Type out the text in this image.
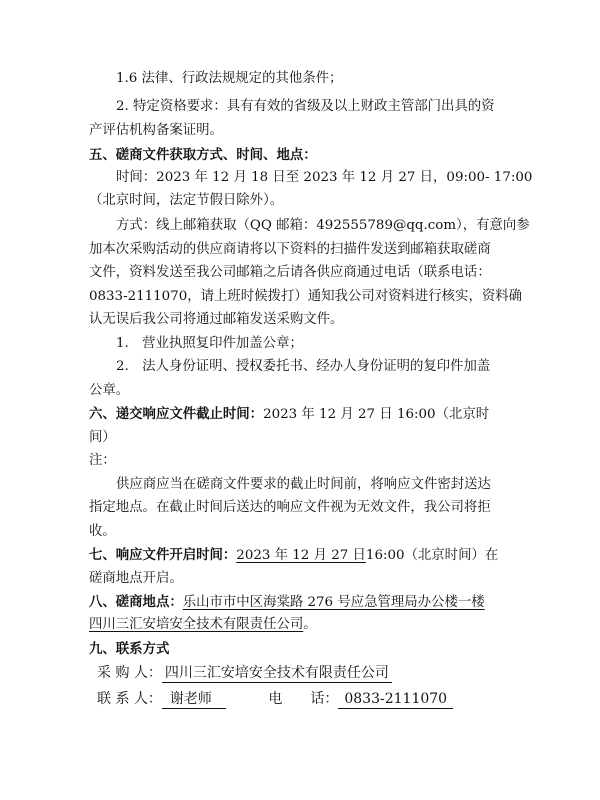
1.6 法律、行政法规规定的其他条件；
2. 特定资格要求：具有有效的省级及以上财政主管部门出具的资
产评估机构备案证明。
五、磋商文件获取方式、时间、地点：
时间：2023 年 12 月 18 日至 2023 年 12 月 27 日，09:00- 17:00
（北京时间，法定节假日除外）。
方式：线上邮箱获取（QQ 邮箱：492555789@qq.com），有意向参
加本次采购活动的供应商请将以下资料的扫描件发送到邮箱获取磋商
文件，资料发送至我公司邮箱之后请各供应商通过电话（联系电话：
0833-2111070，请上班时候拨打）通知我公司对资料进行核实，资料确
认无误后我公司将通过邮箱发送采购文件。
1.　营业执照复印件加盖公章；
2.　法人身份证明、授权委托书、经办人身份证明的复印件加盖
公章。
六、递交响应文件截止时间：2023 年 12 月 27 日 16:00（北京时
间）
注：
供应商应当在磋商文件要求的截止时间前，将响应文件密封送达
指定地点。在截止时间后送达的响应文件视为无效文件，我公司将拒
收。
七、响应文件开启时间：2023 年 12 月 27 日16:00（北京时间）在
磋商地点开启。
八、磋商地点：乐山市市中区海棠路 276 号应急管理局办公楼一楼
四川三汇安培安全技术有限责任公司。
九、联系方式
采 购 人： 四川三汇安培安全技术有限责任公司
联 系 人： 谢老师	电　　话： 0833-2111070
